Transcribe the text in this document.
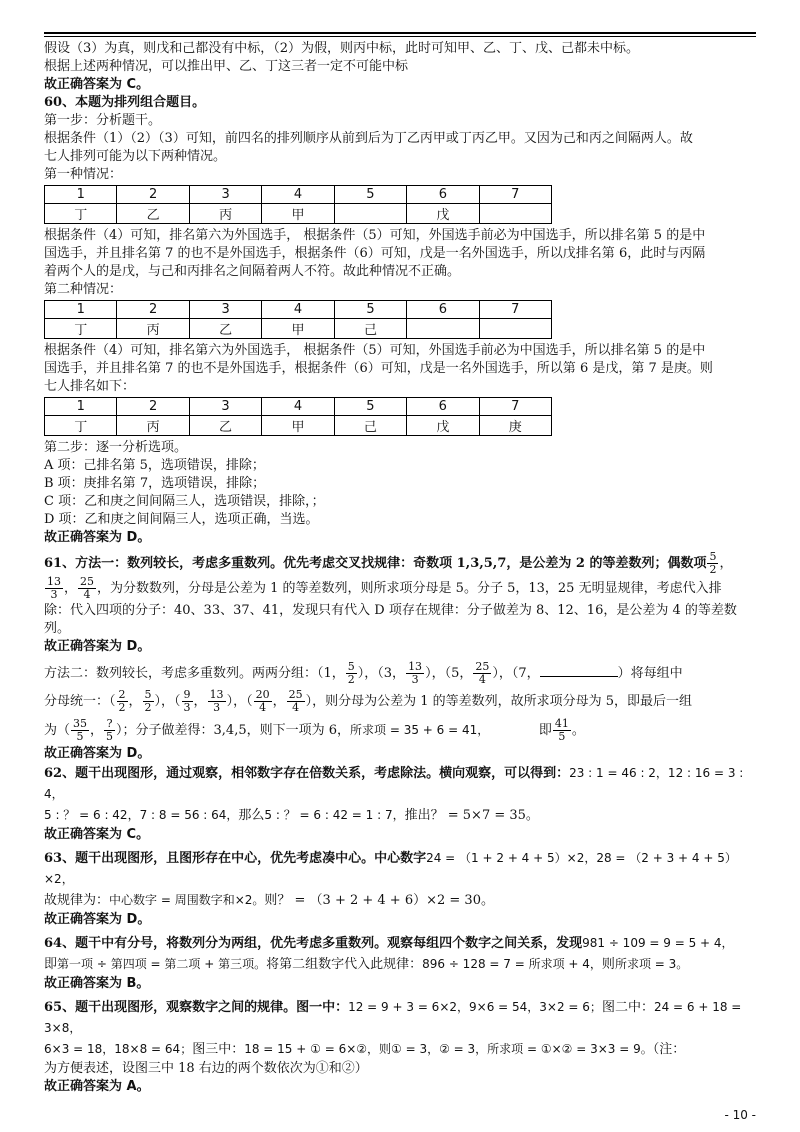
假设（3）为真，则戊和己都没有中标，（2）为假，则丙中标，此时可知甲、乙、丁、戊、己都未中标。

根据上述两种情况，可以推出甲、乙、丁这三者一定不可能中标

故正确答案为 C。

60、本题为排列组合题目。

第一步：分析题干。

根据条件（1）（2）（3）可知，前四名的排列顺序从前到后为丁乙丙甲或丁丙乙甲。又因为己和丙之间隔两人。故

七人排列可能为以下两种情况。

第一种情况：

1	2	3	4	5	6	7
丁	乙	丙	甲		戊	

根据条件（4）可知，排名第六为外国选手， 根据条件（5）可知，外国选手前必为中国选手，所以排名第 5 的是中

国选手，并且排名第 7 的也不是外国选手，根据条件（6）可知，戊是一名外国选手，所以戊排名第 6，此时与丙隔

着两个人的是戊，与己和丙排名之间隔着两人不符。故此种情况不正确。

第二种情况：

1	2	3	4	5	6	7
丁	丙	乙	甲	己		

根据条件（4）可知，排名第六为外国选手， 根据条件（5）可知，外国选手前必为中国选手，所以排名第 5 的是中

国选手，并且排名第 7 的也不是外国选手，根据条件（6）可知，戊是一名外国选手，所以第 6 是戊，第 7 是庚。则

七人排名如下：

1	2	3	4	5	6	7
丁	丙	乙	甲	己	戊	庚

第二步：逐一分析选项。

A 项：己排名第 5，选项错误，排除；

B 项：庚排名第 7，选项错误，排除；

C 项：乙和庚之间间隔三人，选项错误，排除，；

D 项：乙和庚之间间隔三人，选项正确，当选。

故正确答案为 D。

61、方法一：数列较长，考虑多重数列。优先考虑交叉找规律：奇数项 1,3,5,7，是公差为 2 的等差数列；偶数项 $\frac{5}{2}$ ，

$\frac{13}{3}$ ， $\frac{25}{4}$ ，为分数数列，分母是公差为 1 的等差数列，则所求项分母是 5。分子 5，13，25 无明显规律，考虑代入排

除：代入四项的分子：40、33、37、41，发现只有代入 D 项存在规律：分子做差为 8、12、16，是公差为 4 的等差数

列。

故正确答案为 D。

方法二：数列较长，考虑多重数列。两两分组：（1， $\frac{5}{2}$ ），（3， $\frac{13}{3}$ ），（5， $\frac{25}{4}$ ），（7，	）将每组中

分母统一：（ $\frac{2}{2}$ ， $\frac{5}{2}$ ），（ $\frac{9}{3}$ ， $\frac{13}{3}$ ），（ $\frac{20}{4}$ ， $\frac{25}{4}$ ），则分母为公差为 1 的等差数列，故所求项分母为 5，即最后一组

为（ $\frac{35}{5}$ ， $\frac{?}{5}$ ）；分子做差得：3,4,5，则下一项为 6，所求项 = 35 + 6 = 41，	即 $\frac{41}{5}$ 。

故正确答案为 D。

62、题干出现图形，通过观察，相邻数字存在倍数关系，考虑除法。横向观察，可以得到：23 : 1 = 46 : 2，12 : 16 = 3 : 4，

5 : ？ = 6 : 42，7 : 8 = 56 : 64，那么5 : ？ = 6 : 42 = 1 : 7，推出？ = 5×7 = 35。

故正确答案为 C。

63、题干出现图形，且图形存在中心，优先考虑凑中心。中心数字24 = （1 + 2 + 4 + 5）×2，28 = （2 + 3 + 4 + 5）×2，

故规律为：中心数字 = 周围数字和×2。则？ = （3 + 2 + 4 + 6）×2 = 30。

故正确答案为 D。

64、题干中有分号，将数列分为两组，优先考虑多重数列。观察每组四个数字之间关系，发现981 ÷ 109 = 9 = 5 + 4，

即第一项 ÷ 第四项 = 第二项 + 第三项。将第二组数字代入此规律：896 ÷ 128 = 7 = 所求项 + 4，则所求项 = 3。

故正确答案为 B。

65、题干出现图形，观察数字之间的规律。图一中：12 = 9 + 3 = 6×2，9×6 = 54，3×2 = 6；图二中：24 = 6 + 18 = 3×8，

6×3 = 18，18×8 = 64；图三中：18 = 15 + ① = 6×②，则① = 3，② = 3，所求项 = ①×② = 3×3 = 9。（注：

为方便表述，设图三中 18 右边的两个数依次为①和②）

故正确答案为 A。

- 10 -
